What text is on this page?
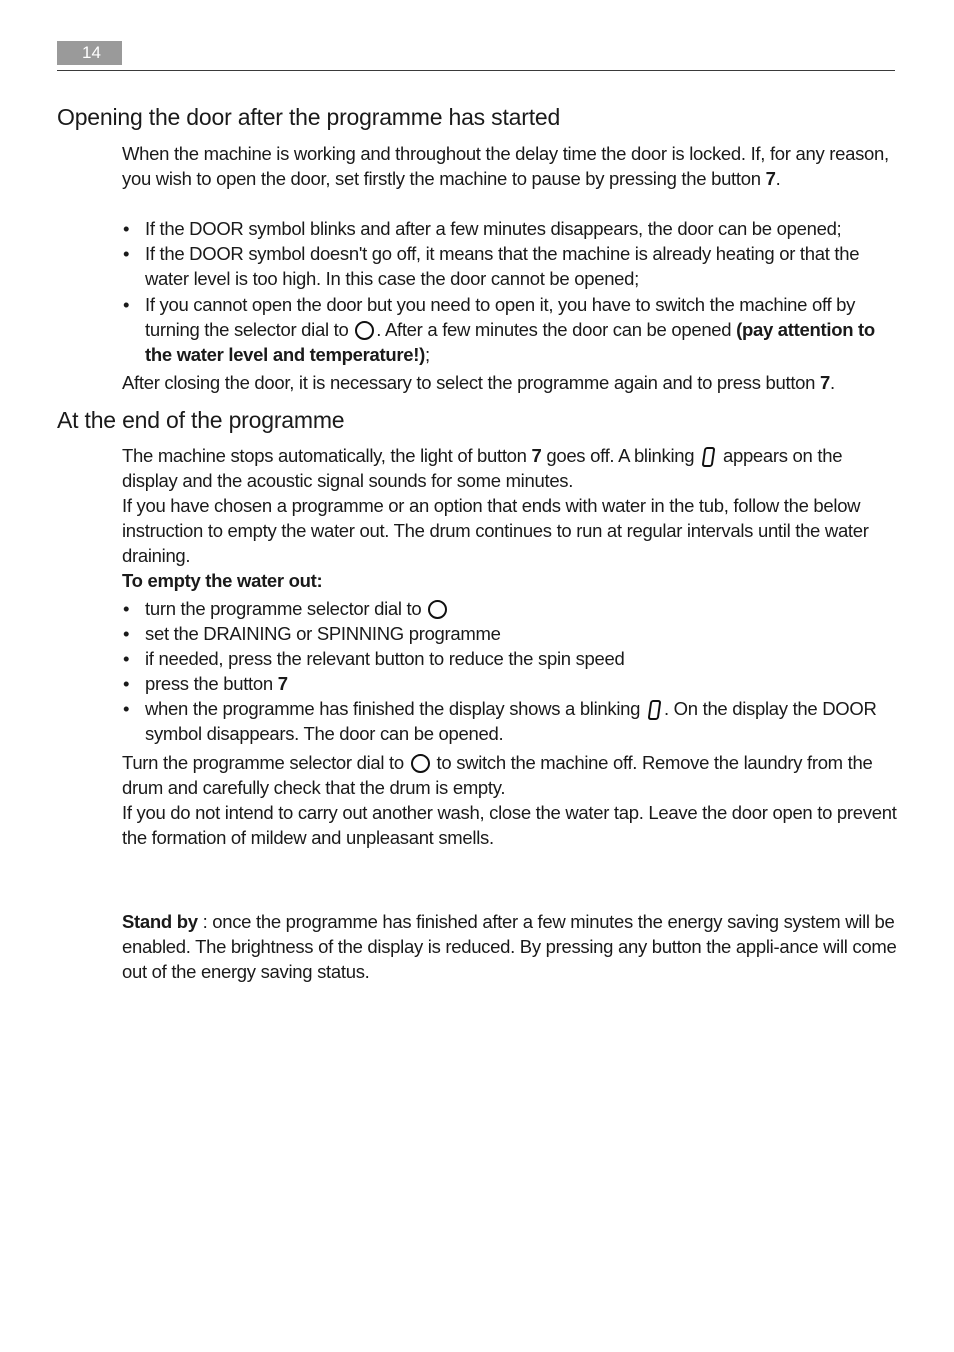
14
Opening the door after the programme has started

When the machine is working and throughout the delay time the door is locked. If, for any reason, you wish to open the door, set firstly the machine to pause by pressing the button 7.

• If the DOOR symbol blinks and after a few minutes disappears, the door can be opened;
• If the DOOR symbol doesn't go off, it means that the machine is already heating or that the water level is too high. In this case the door cannot be opened;
• If you cannot open the door but you need to open it, you have to switch the machine off by turning the selector dial to . After a few minutes the door can be opened (pay attention to the water level and temperature!);

After closing the door, it is necessary to select the programme again and to press button 7.

At the end of the programme

The machine stops automatically, the light of button 7 goes off. A blinking  appears on the display and the acoustic signal sounds for some minutes.

If you have chosen a programme or an option that ends with water in the tub, follow the below instruction to empty the water out. The drum continues to run at regular intervals until the water draining.

To empty the water out:

• turn the programme selector dial to
• set the DRAINING or SPINNING programme
• if needed, press the relevant button to reduce the spin speed
• press the button 7
• when the programme has finished the display shows a blinking . On the display the DOOR symbol disappears. The door can be opened.

Turn the programme selector dial to  to switch the machine off. Remove the laundry from the drum and carefully check that the drum is empty.

If you do not intend to carry out another wash, close the water tap. Leave the door open to prevent the formation of mildew and unpleasant smells.

Stand by : once the programme has finished after a few minutes the energy saving system will be enabled. The brightness of the display is reduced. By pressing any button the appli-ance will come out of the energy saving status.
